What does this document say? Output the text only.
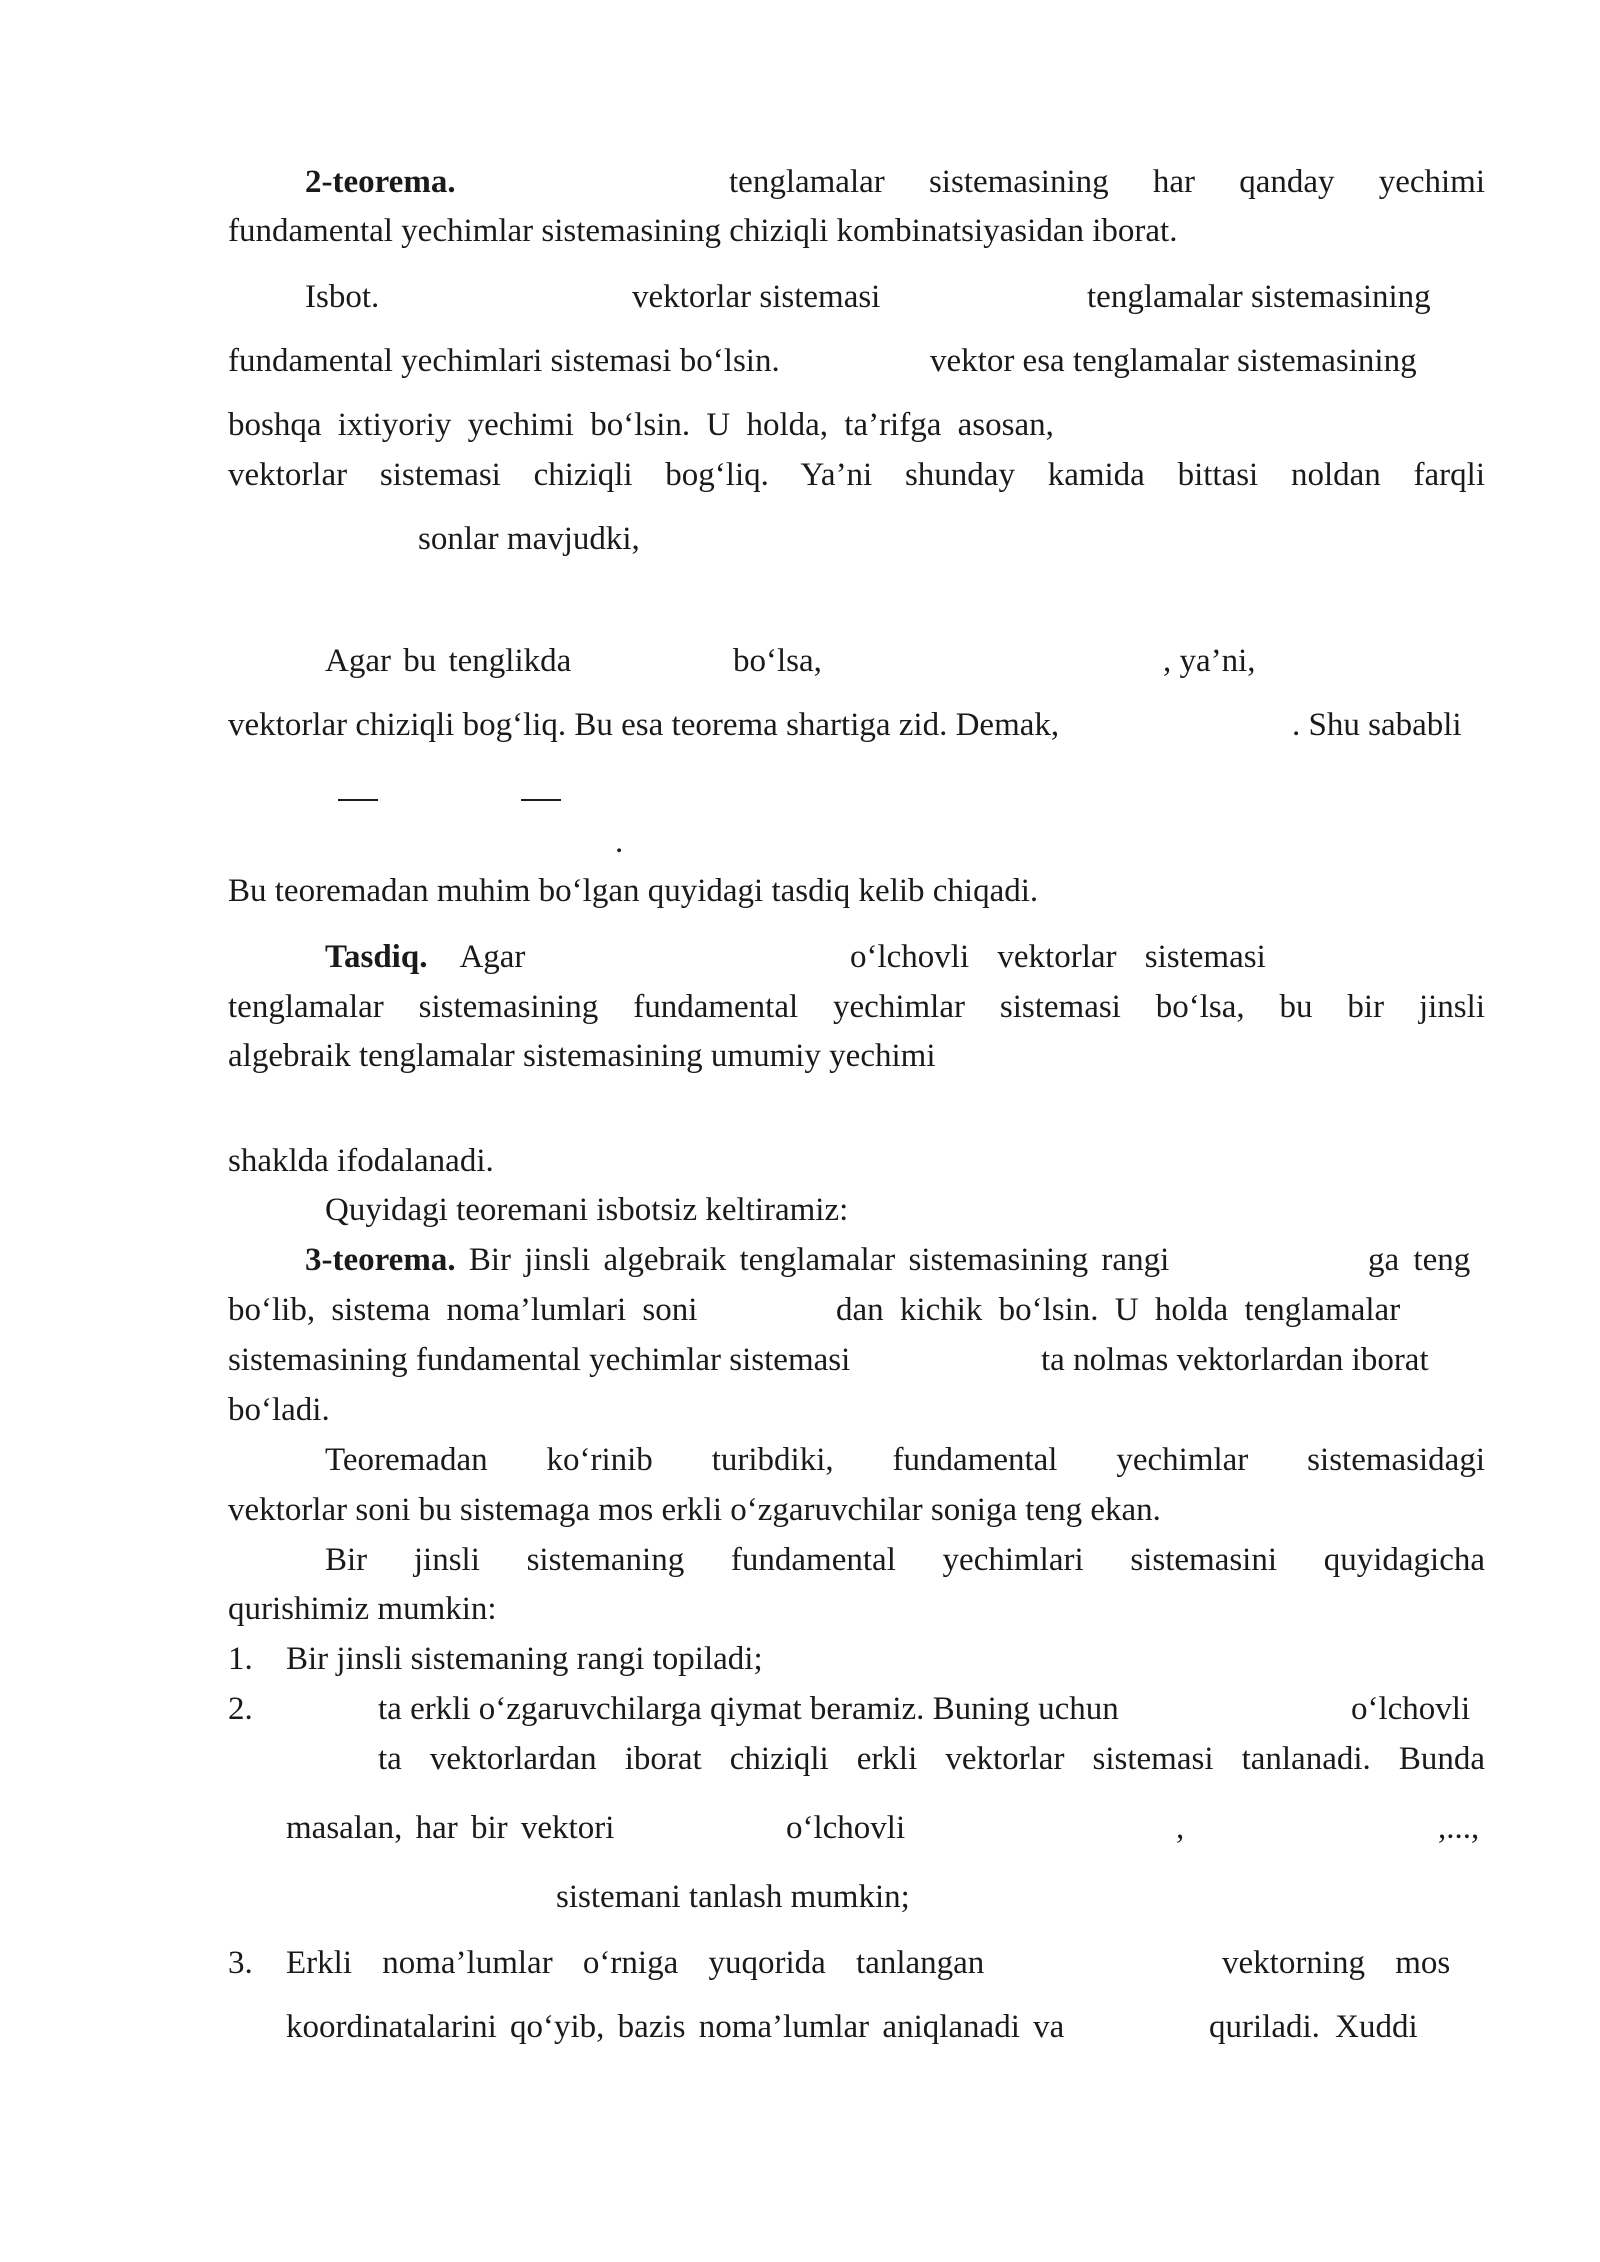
2-teorema.	tenglamalar sistemasining har qanday yechimi
fundamental yechimlar sistemasining chiziqli kombinatsiyasidan iborat.
Isbot.	vektorlar sistemasi	tenglamalar sistemasining
fundamental yechimlari sistemasi bo‘lsin.	vektor esa tenglamalar sistemasining
boshqa ixtiyoriy yechimi bo‘lsin. U holda, ta’rifga asosan,
vektorlar sistemasi chiziqli bog‘liq. Ya’ni shunday kamida bittasi noldan farqli
sonlar mavjudki,
Agar bu tenglikda	bo‘lsa,	, ya’ni,
vektorlar chiziqli bog‘liq. Bu esa teorema shartiga zid. Demak,	. Shu sababli
.
Bu teoremadan muhim bo‘lgan quyidagi tasdiq kelib chiqadi.
Tasdiq. Agar	o‘lchovli vektorlar sistemasi
tenglamalar sistemasining fundamental yechimlar sistemasi bo‘lsa, bu bir jinsli
algebraik tenglamalar sistemasining umumiy yechimi
shaklda ifodalanadi.
Quyidagi teoremani isbotsiz keltiramiz:
3-teorema. Bir jinsli algebraik tenglamalar sistemasining rangi	ga teng
bo‘lib, sistema noma’lumlari soni	dan kichik bo‘lsin. U holda tenglamalar
sistemasining fundamental yechimlar sistemasi	ta nolmas vektorlardan iborat
bo‘ladi.
Teoremadan ko‘rinib turibdiki, fundamental yechimlar sistemasidagi
vektorlar soni bu sistemaga mos erkli o‘zgaruvchilar soniga teng ekan.
Bir jinsli sistemaning fundamental yechimlari sistemasini quyidagicha
qurishimiz mumkin:
1. Bir jinsli sistemaning rangi topiladi;
2.	ta erkli o‘zgaruvchilarga qiymat beramiz. Buning uchun	o‘lchovli
ta vektorlardan iborat chiziqli erkli vektorlar sistemasi tanlanadi. Bunda
masalan, har bir vektori	o‘lchovli	,	,...,
sistemani tanlash mumkin;
3. Erkli noma’lumlar o‘rniga yuqorida tanlangan	vektorning mos
koordinatalarini qo‘yib, bazis noma’lumlar aniqlanadi va	quriladi. Xuddi
